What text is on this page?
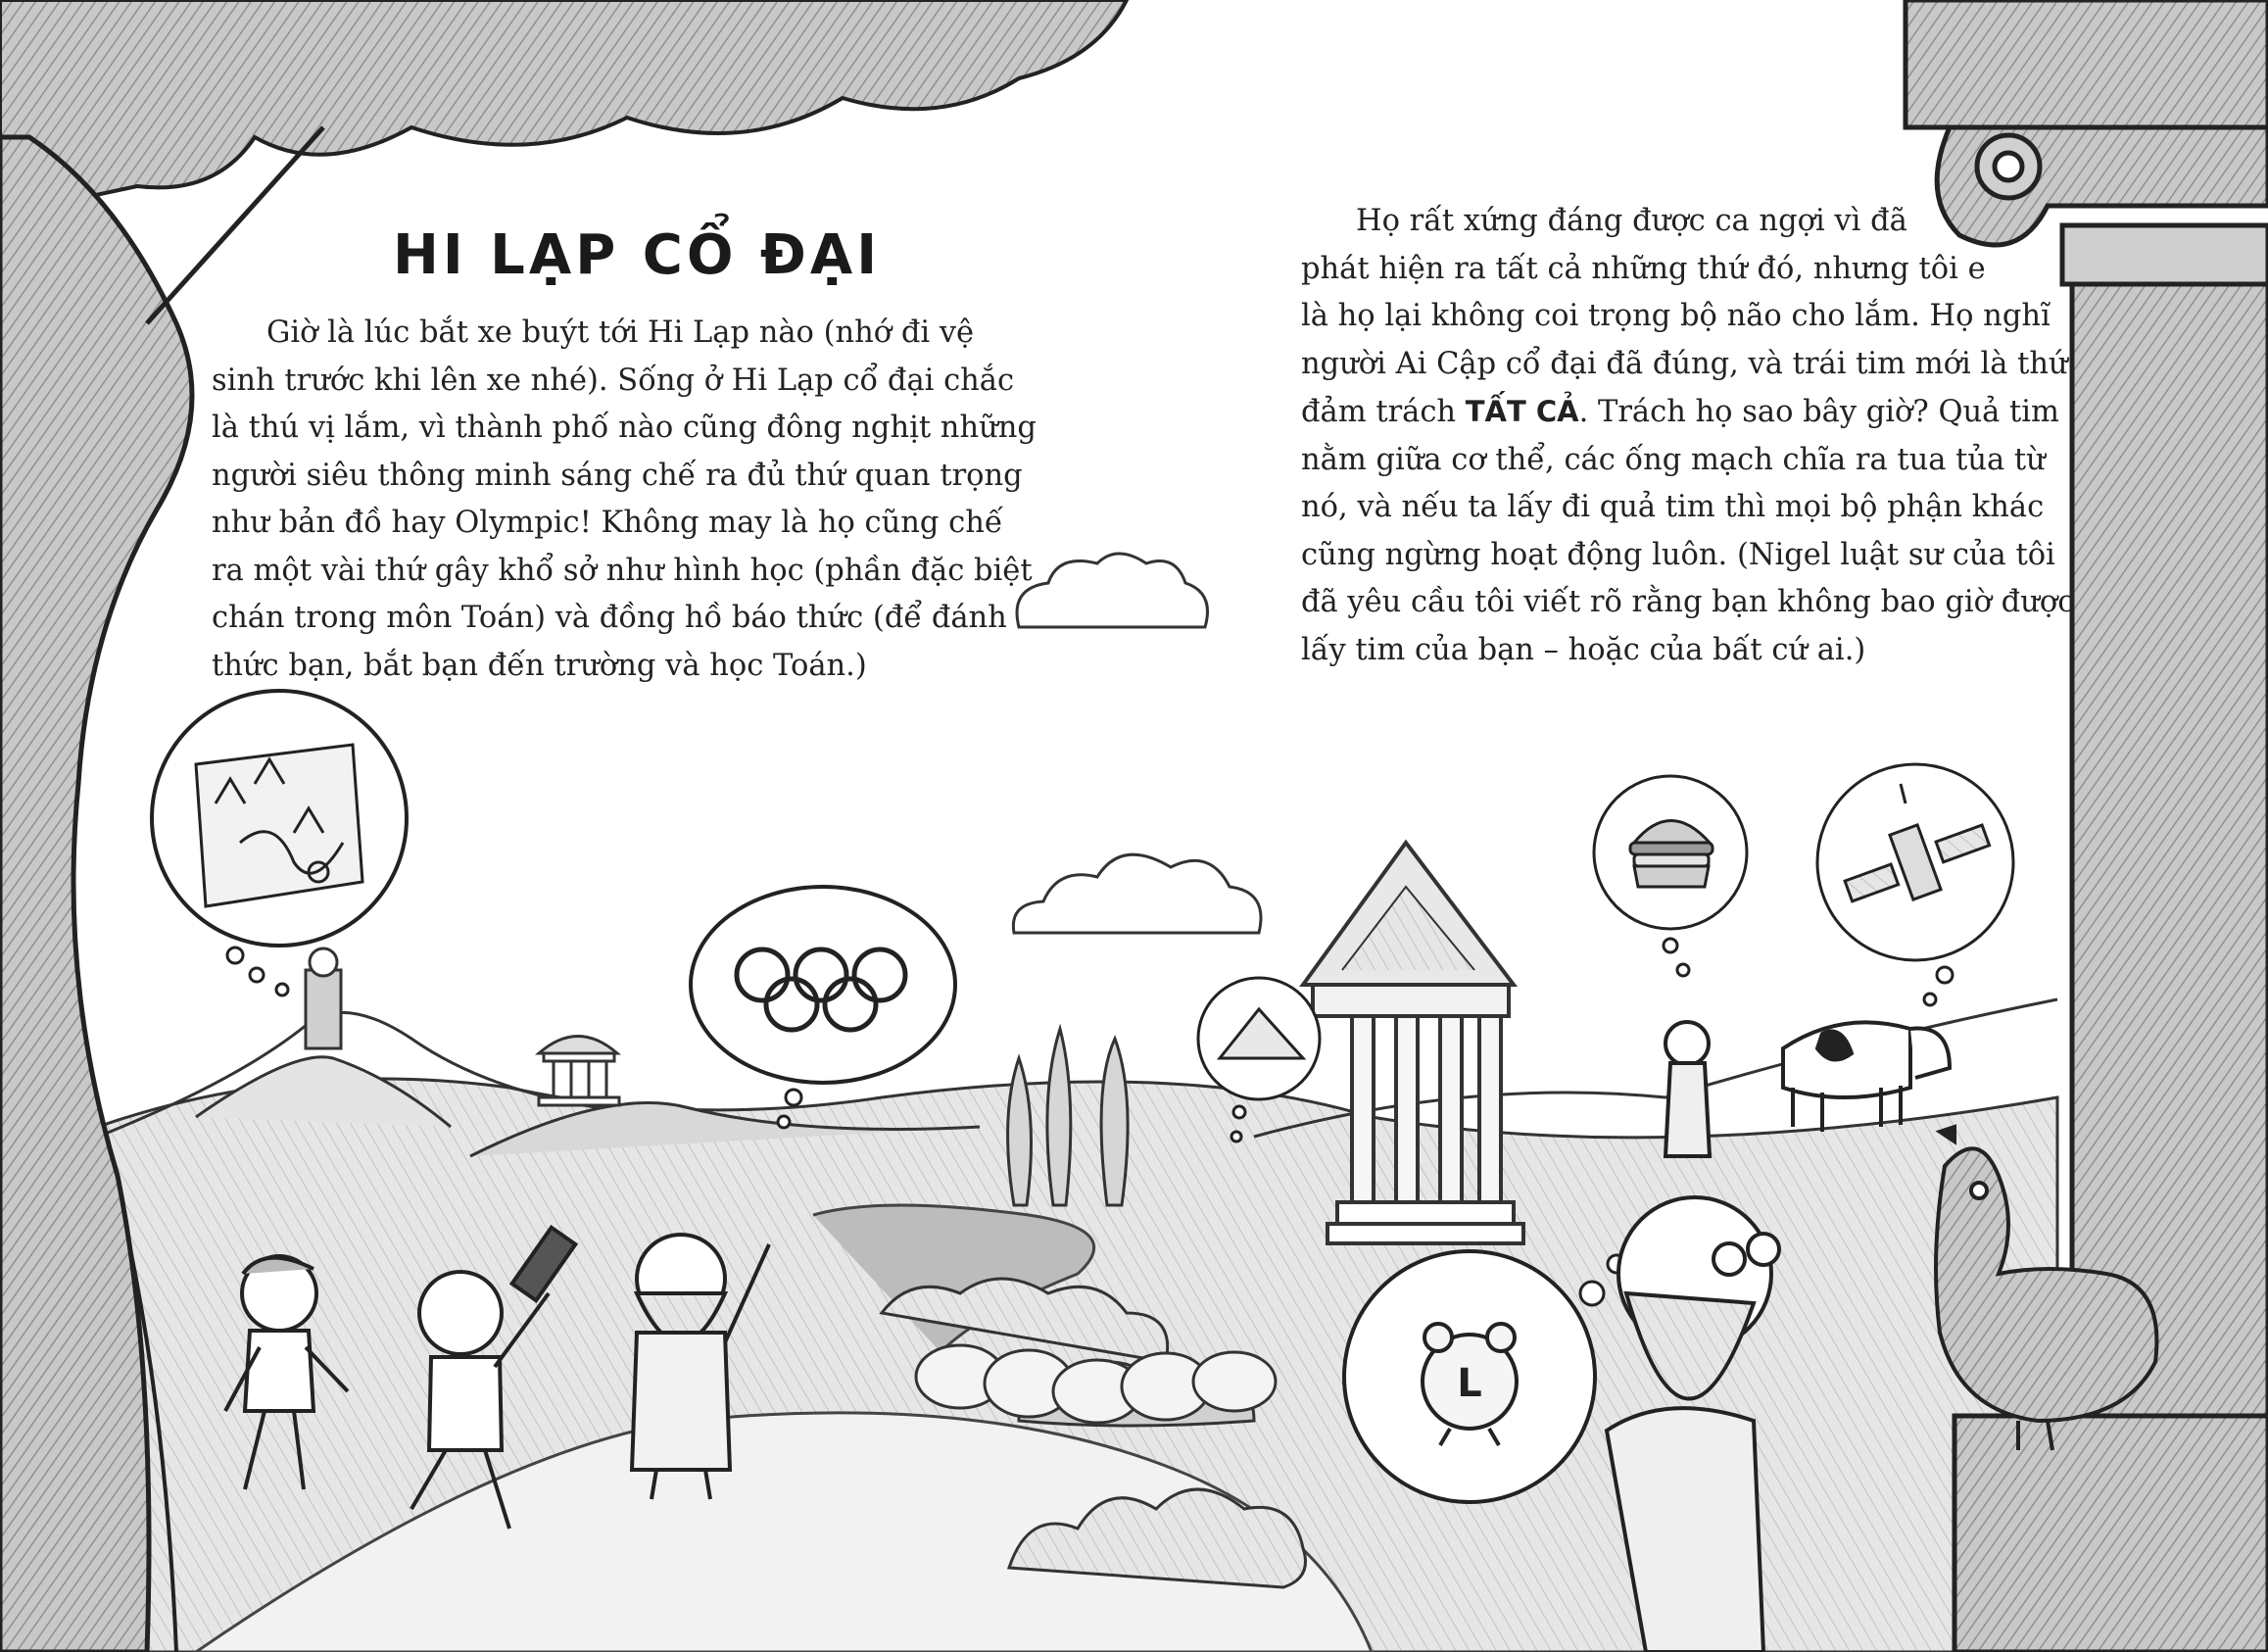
L
HI LẠP CỔ ĐẠI

Giờ là lúc bắt xe buýt tới Hi Lạp nào (nhớ đi vệ

sinh trước khi lên xe nhé). Sống ở Hi Lạp cổ đại chắc

là thú vị lắm, vì thành phố nào cũng đông nghịt những

người siêu thông minh sáng chế ra đủ thứ quan trọng

như bản đồ hay Olympic! Không may là họ cũng chế

ra một vài thứ gây khổ sở như hình học (phần đặc biệt

chán trong môn Toán) và đồng hồ báo thức (để đánh

thức bạn, bắt bạn đến trường và học Toán.)

Họ rất xứng đáng được ca ngợi vì đã

phát hiện ra tất cả những thứ đó, nhưng tôi e

là họ lại không coi trọng bộ não cho lắm. Họ nghĩ

người Ai Cập cổ đại đã đúng, và trái tim mới là thứ

đảm trách TẤT CẢ. Trách họ sao bây giờ? Quả tim

nằm giữa cơ thể, các ống mạch chĩa ra tua tủa từ

nó, và nếu ta lấy đi quả tim thì mọi bộ phận khác

cũng ngừng hoạt động luôn. (Nigel luật sư của tôi

đã yêu cầu tôi viết rõ rằng bạn không bao giờ được

lấy tim của bạn – hoặc của bất cứ ai.)
